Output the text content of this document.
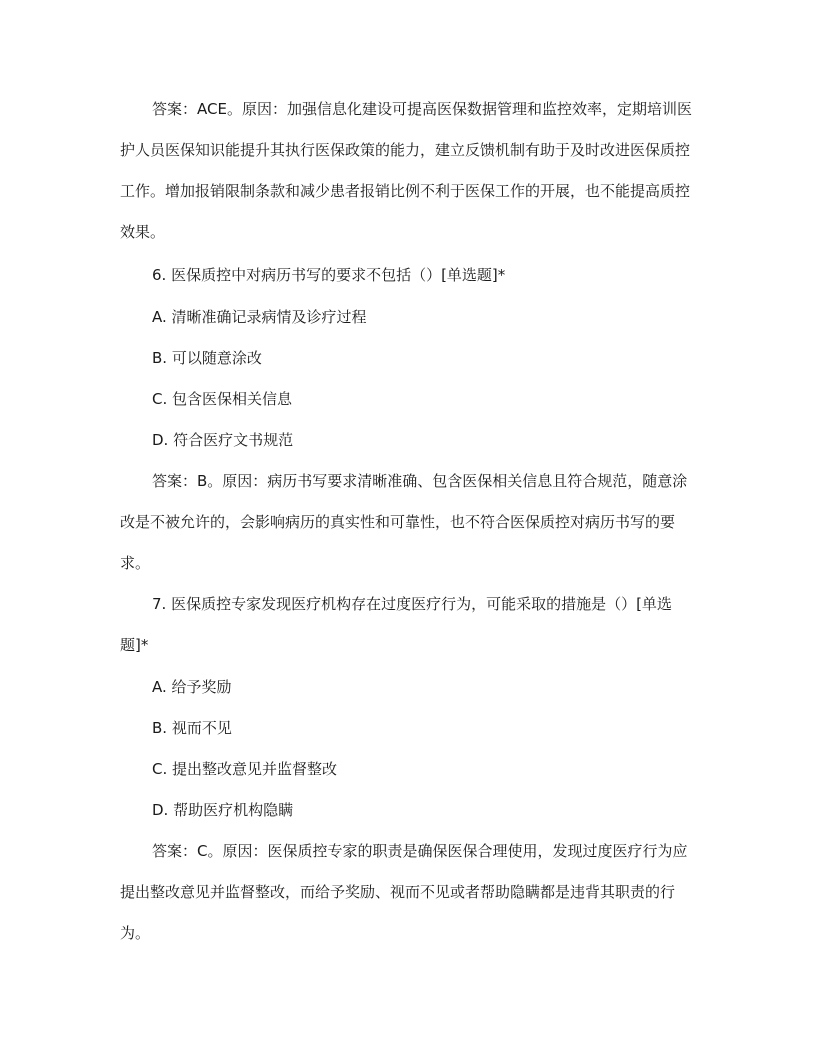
答案：ACE。原因：加强信息化建设可提高医保数据管理和监控效率，定期培训医护人员医保知识能提升其执行医保政策的能力，建立反馈机制有助于及时改进医保质控工作。增加报销限制条款和减少患者报销比例不利于医保工作的开展，也不能提高质控效果。

6. 医保质控中对病历书写的要求不包括（）[单选题]*

A. 清晰准确记录病情及诊疗过程

B. 可以随意涂改

C. 包含医保相关信息

D. 符合医疗文书规范

答案：B。原因：病历书写要求清晰准确、包含医保相关信息且符合规范，随意涂改是不被允许的，会影响病历的真实性和可靠性，也不符合医保质控对病历书写的要求。

7. 医保质控专家发现医疗机构存在过度医疗行为，可能采取的措施是（）[单选题]*

A. 给予奖励

B. 视而不见

C. 提出整改意见并监督整改

D. 帮助医疗机构隐瞒

答案：C。原因：医保质控专家的职责是确保医保合理使用，发现过度医疗行为应提出整改意见并监督整改，而给予奖励、视而不见或者帮助隐瞒都是违背其职责的行为。
